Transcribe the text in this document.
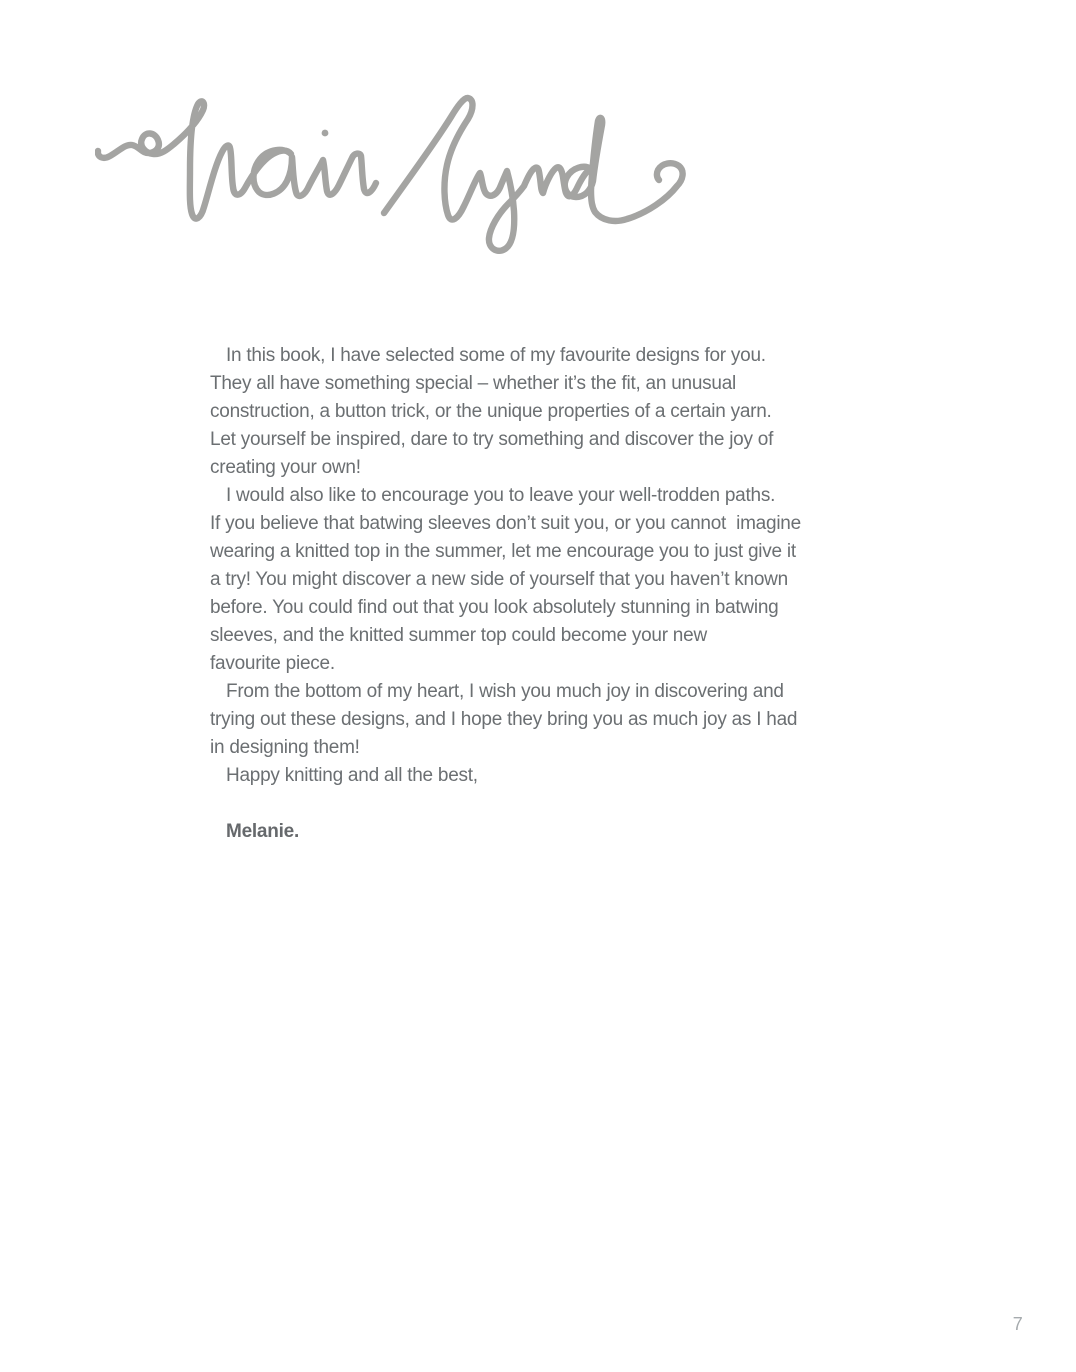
In this book, I have selected some of my favourite designs for you.
They all have something special – whether it’s the fit, an unusual
construction, a button trick, or the unique properties of a certain yarn.
Let yourself be inspired, dare to try something and discover the joy of
creating your own!
I would also like to encourage you to leave your well-trodden paths.
If you believe that batwing sleeves don’t suit you, or you cannot  imagine
wearing a knitted top in the summer, let me encourage you to just give it
a try! You might discover a new side of yourself that you haven’t known
before. You could find out that you look absolutely stunning in batwing
sleeves, and the knitted summer top could become your new
favourite piece.
From the bottom of my heart, I wish you much joy in discovering and
trying out these designs, and I hope they bring you as much joy as I had
in designing them!
Happy knitting and all the best,
Melanie.
7
